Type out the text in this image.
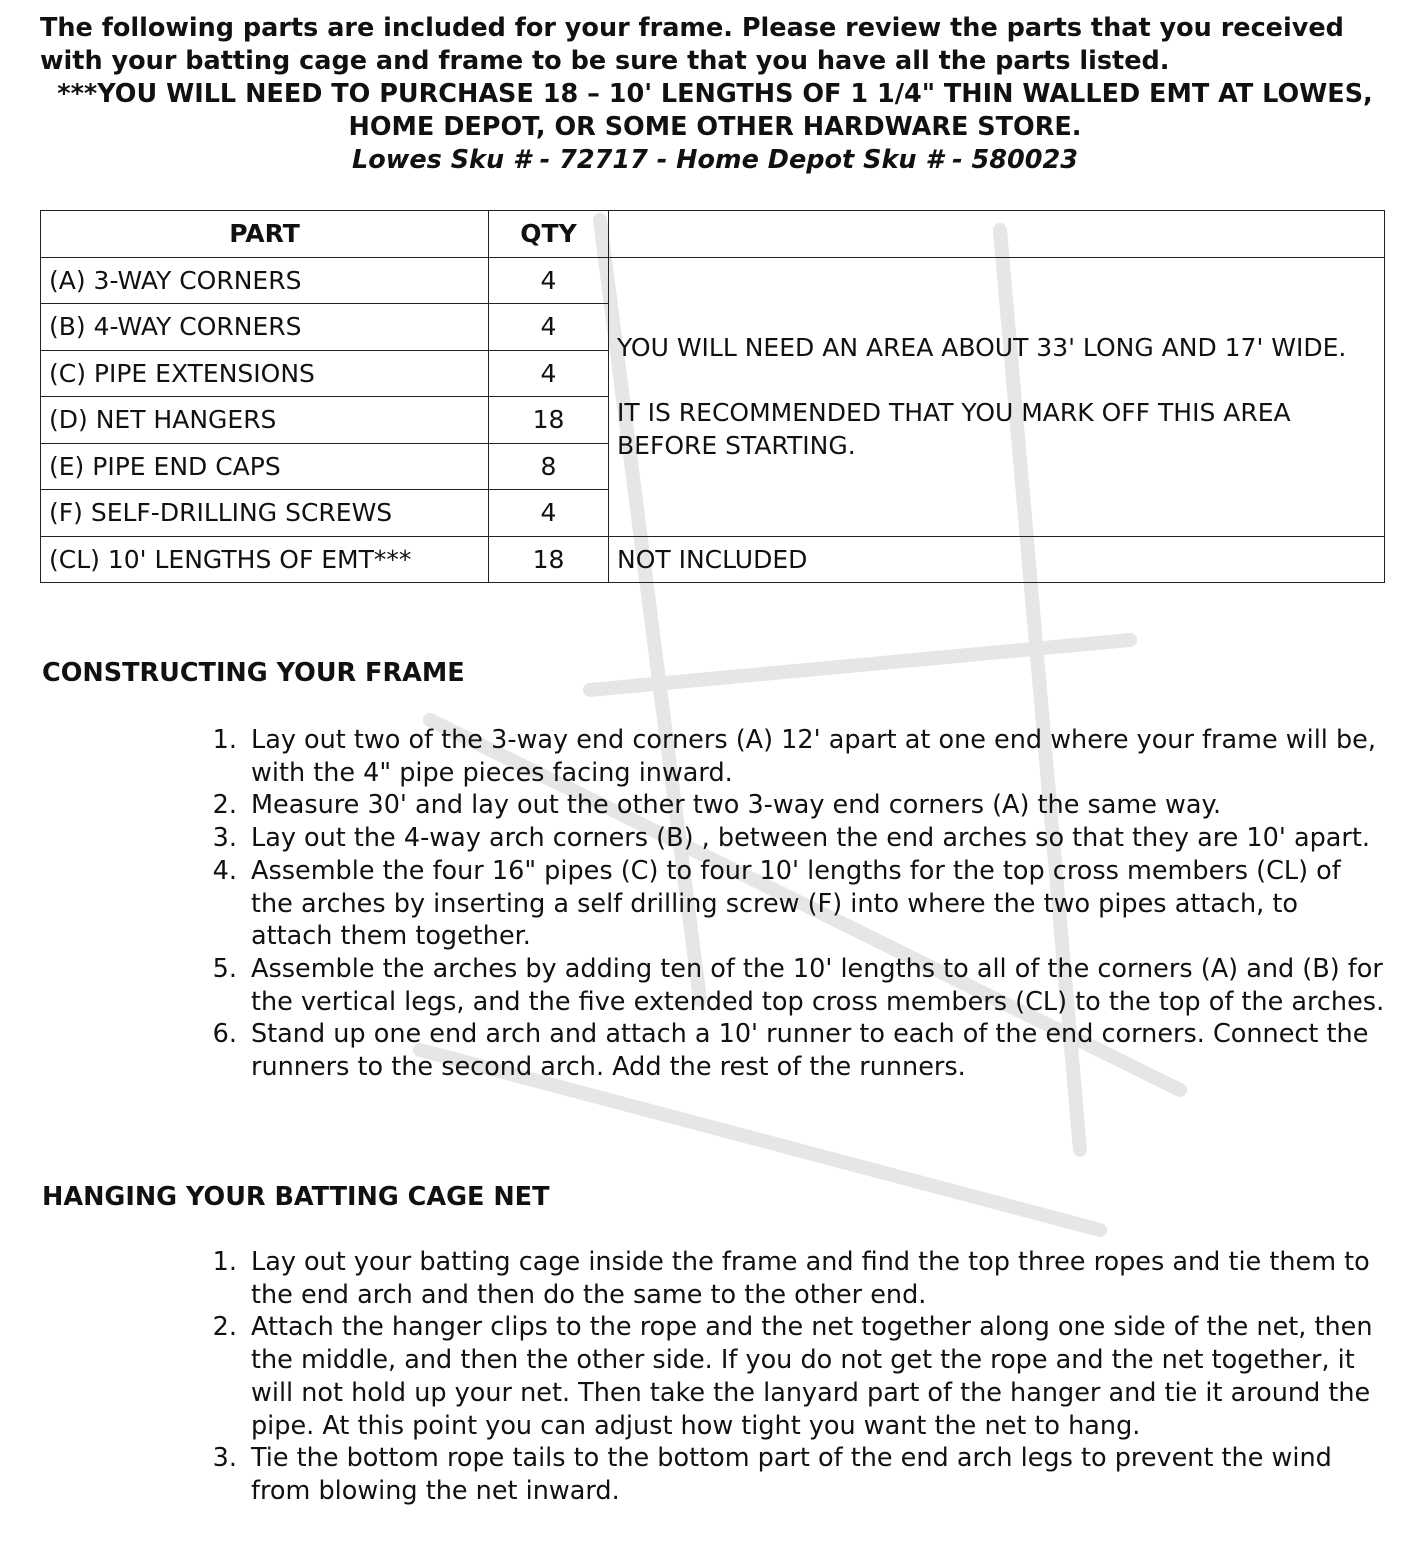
The following parts are included for your frame. Please review the parts that you received with your batting cage and frame to be sure that you have all the parts listed.

***YOU WILL NEED TO PURCHASE 18 – 10' LENGTHS OF 1 1/4" THIN WALLED EMT AT LOWES, HOME DEPOT, OR SOME OTHER HARDWARE STORE.

Lowes Sku # - 72717 - Home Depot Sku # - 580023

PART	QTY	
(A) 3-WAY CORNERS	4	YOU WILL NEED AN AREA ABOUT 33' LONG AND 17' WIDE.

IT IS RECOMMENDED THAT YOU MARK OFF THIS AREA BEFORE STARTING.

(B) 4-WAY CORNERS	4	
(C) PIPE EXTENSIONS	4	
(D) NET HANGERS	18	
(E) PIPE END CAPS	8	
(F) SELF-DRILLING SCREWS	4	
(CL) 10' LENGTHS OF EMT***	18	NOT INCLUDED
CONSTRUCTING YOUR FRAME
1. Lay out two of the 3-way end corners (A) 12' apart at one end where your frame will be, with the 4" pipe pieces facing inward.
2. Measure 30' and lay out the other two 3-way end corners (A) the same way.
3. Lay out the 4-way arch corners (B) , between the end arches so that they are 10' apart.
4. Assemble the four 16" pipes (C) to four 10' lengths for the top cross members (CL) of the arches by inserting a self drilling screw (F) into where the two pipes attach, to attach them together.
5. Assemble the arches by adding ten of the 10' lengths to all of the corners (A) and (B) for the vertical legs, and the five extended top cross members (CL) to the top of the arches.
6. Stand up one end arch and attach a 10' runner to each of the end corners. Connect the runners to the second arch. Add the rest of the runners.
HANGING YOUR BATTING CAGE NET
1. Lay out your batting cage inside the frame and find the top three ropes and tie them to the end arch and then do the same to the other end.
2. Attach the hanger clips to the rope and the net together along one side of the net, then the middle, and then the other side. If you do not get the rope and the net together, it will not hold up your net. Then take the lanyard part of the hanger and tie it around the pipe. At this point you can adjust how tight you want the net to hang.
3. Tie the bottom rope tails to the bottom part of the end arch legs to prevent the wind from blowing the net inward.
